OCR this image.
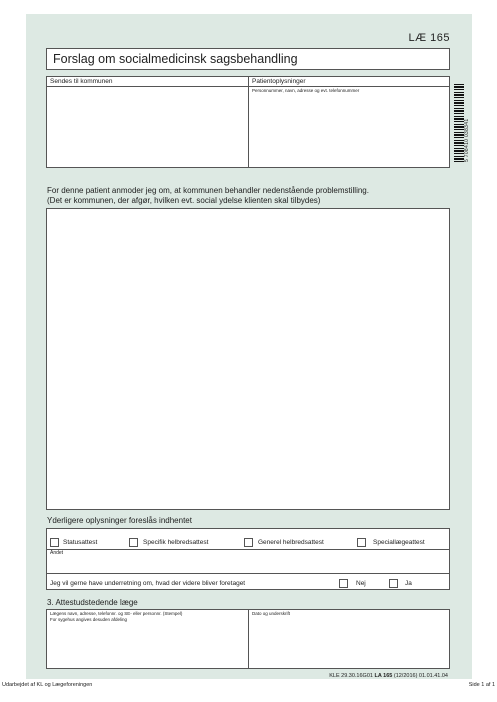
LÆ 165
Forslag om socialmedicinsk sagsbehandling
Sendes til kommunen	Patientoplysninger
Personnummer, navn, adresse og evt. telefonnummer
5 708410 038341
For denne patient anmoder jeg om, at kommunen behandler nedenstående problemstilling.
(Det er kommunen, der afgør, hvilken evt. social ydelse klienten skal tilbydes)
Yderligere oplysninger foreslås indhentet
Statusattest	Specifik helbredsattest	Generel helbredsattest	Speciallægeattest
Andet
Jeg vil gerne have underretning om, hvad der videre bliver foretaget	Nej	Ja
3. Attestudstedende læge
Lægens navn, adresse, telefonnr. og SE- eller personnr. (Stempel)
For sygehus angives desuden afdeling
Dato og underskrift
KLE 29.30.16G01 LA 165 (12/2016) 01.01.41.04
Udarbejdet af KL og Lægeforeningen	Side 1 af 1
